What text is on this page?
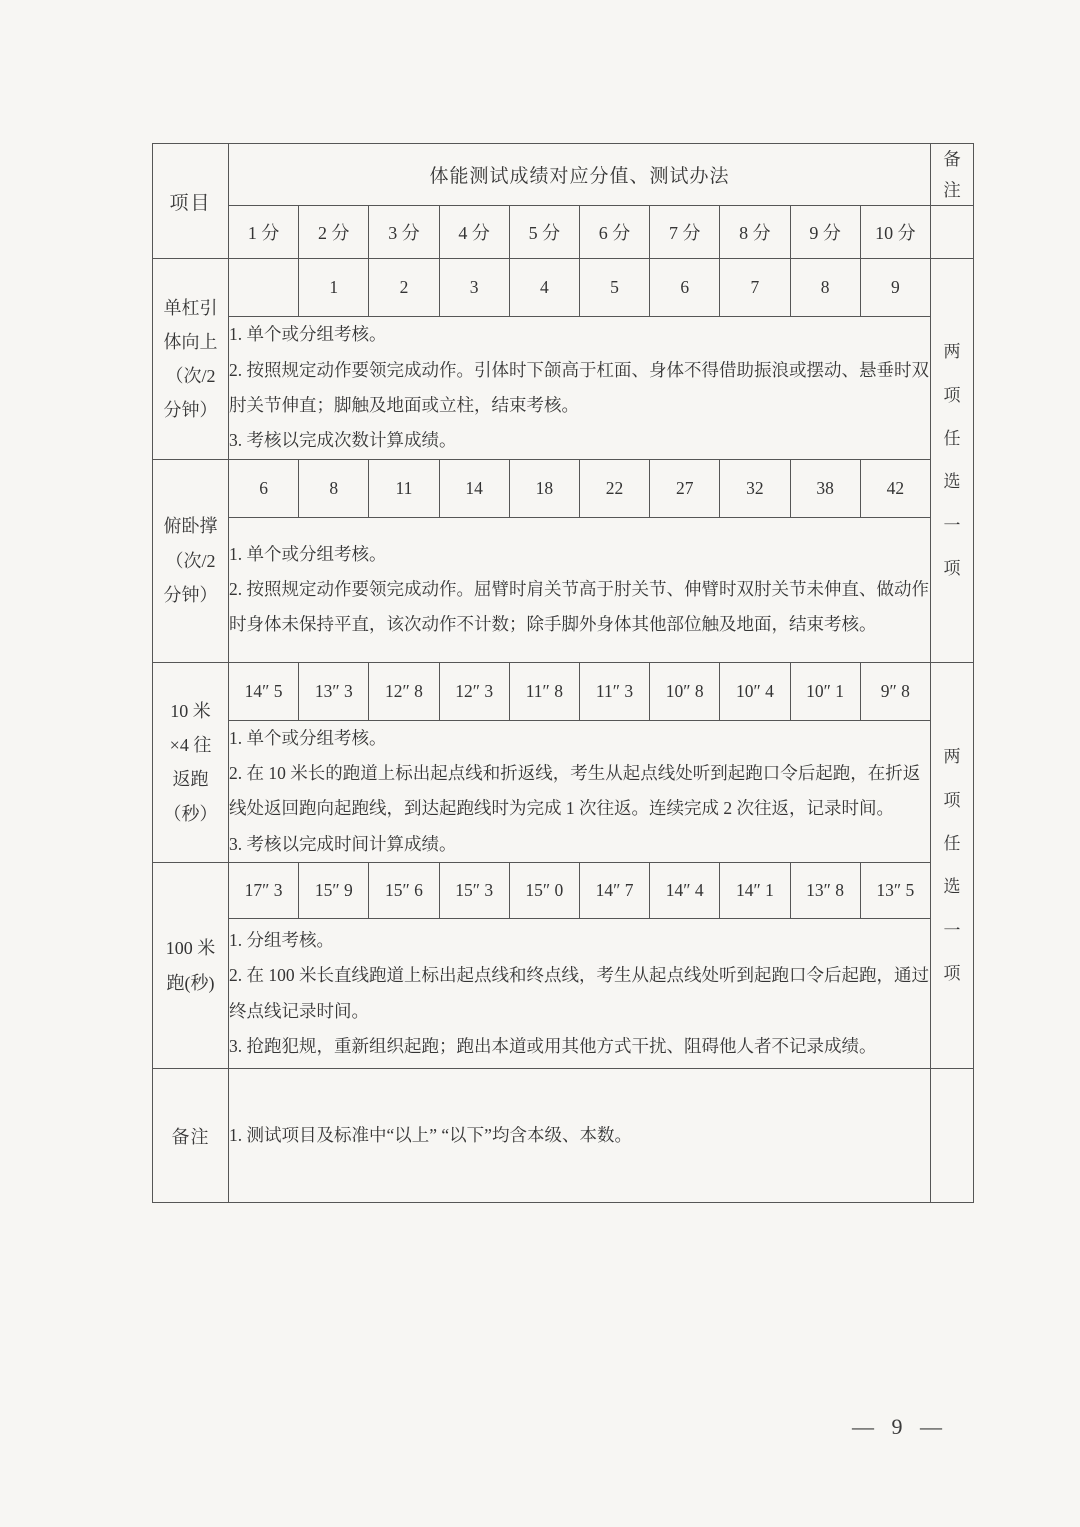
项目	体能测试成绩对应分值、测试办法										备注

	1 分	2 分	3 分	4 分	5 分	6 分	7 分	8 分	9 分	10 分	

单杠引
体向上
（次/2
分钟）		1	2	3	4	5	6	7	8	9	两项任选一项

	1. 单个或分组考核。

2. 按照规定动作要领完成动作。引体时下颌高于杠面、身体不得借助振浪或摆动、悬垂时双肘关节伸直；脚触及地面或立柱，结束考核。

3. 考核以完成次数计算成绩。										

俯卧撑
（次/2
分钟）	6	8	11	14	18	22	27	32	38	42	

	1. 单个或分组考核。

2. 按照规定动作要领完成动作。屈臂时肩关节高于肘关节、伸臂时双肘关节未伸直、做动作时身体未保持平直，该次动作不计数；除手脚外身体其他部位触及地面，结束考核。										

10 米
×4 往
返跑
（秒）	14″ 5	13″ 3	12″ 8	12″ 3	11″ 8	11″ 3	10″ 8	10″ 4	10″ 1	9″ 8	两项任选一项

	1. 单个或分组考核。

2. 在 10 米长的跑道上标出起点线和折返线，考生从起点线处听到起跑口令后起跑，在折返线处返回跑向起跑线，到达起跑线时为完成 1 次往返。连续完成 2 次往返，记录时间。

3. 考核以完成时间计算成绩。										

100 米
跑(秒)	17″ 3	15″ 9	15″ 6	15″ 3	15″ 0	14″ 7	14″ 4	14″ 1	13″ 8	13″ 5	

	1. 分组考核。

2. 在 100 米长直线跑道上标出起点线和终点线，考生从起点线处听到起跑口令后起跑，通过终点线记录时间。

3. 抢跑犯规，重新组织起跑；跑出本道或用其他方式干扰、阻碍他人者不记录成绩。										

备注	1. 测试项目及标准中“以上” “以下”均含本级、本数。										

— 9 —
